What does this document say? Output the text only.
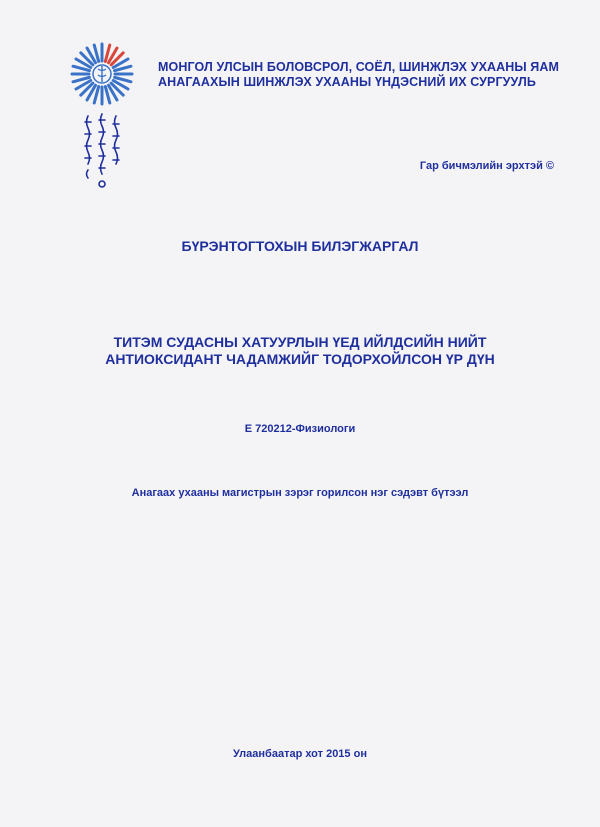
МОНГОЛ УЛСЫН БОЛОВСРОЛ, СОЁЛ, ШИНЖЛЭХ УХААНЫ ЯАМ
АНАГААХЫН ШИНЖЛЭХ УХААНЫ ҮНДЭСНИЙ ИХ СУРГУУЛЬ
Гар бичмэлийн эрхтэй ©
БҮРЭНТОГТОХЫН БИЛЭГЖАРГАЛ
ТИТЭМ СУДАСНЫ ХАТУУРЛЫН ҮЕД ИЙЛДСИЙН НИЙТ
АНТИОКСИДАНТ ЧАДАМЖИЙГ ТОДОРХОЙЛСОН ҮР ДҮН
E 720212-Физиологи
Анагаах ухааны магистрын зэрэг горилсон нэг сэдэвт бүтээл
Улаанбаатар хот 2015 он
